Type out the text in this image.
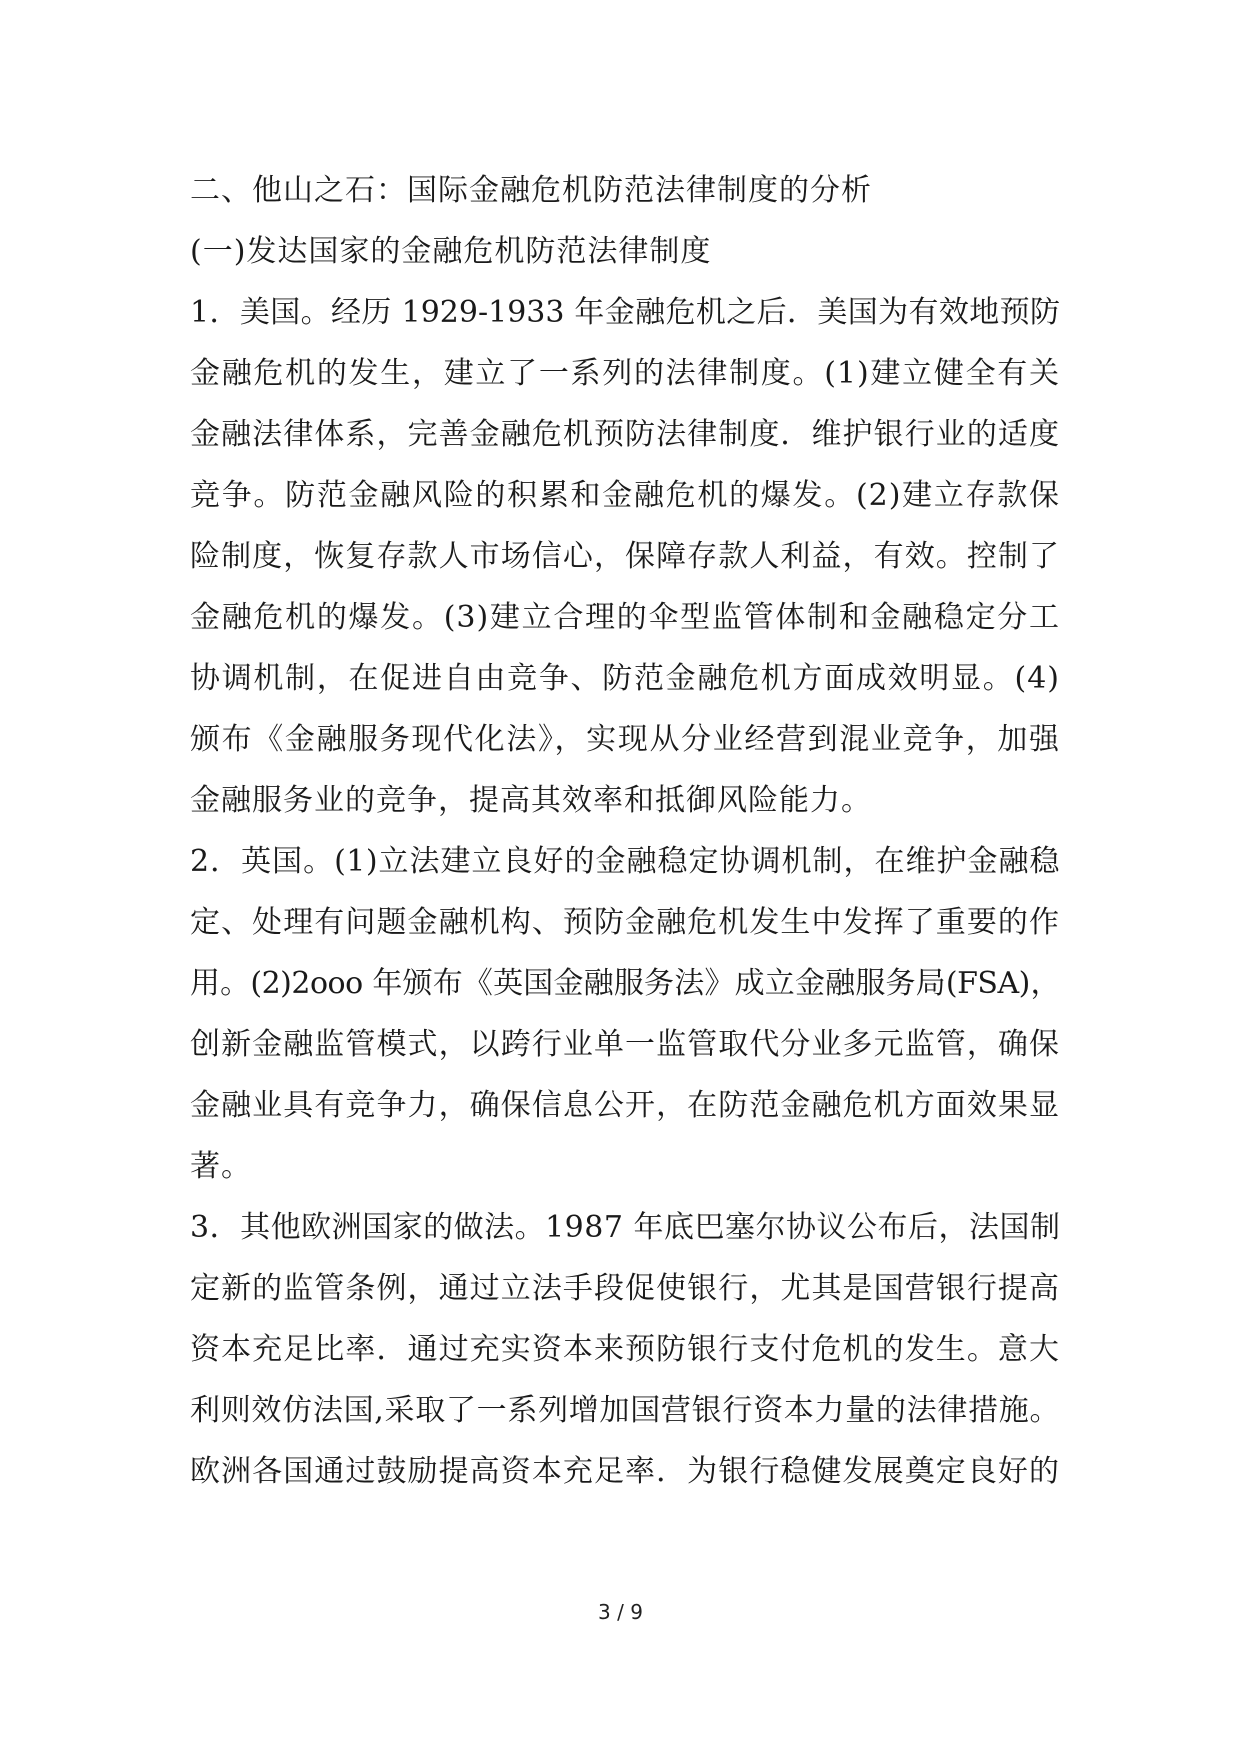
二、他山之石：国际金融危机防范法律制度的分析
(一)发达国家的金融危机防范法律制度
1．美国。经历 1929-1933 年金融危机之后．美国为有效地预防
金融危机的发生，建立了一系列的法律制度。(1)建立健全有关
金融法律体系，完善金融危机预防法律制度．维护银行业的适度
竞争。防范金融风险的积累和金融危机的爆发。(2)建立存款保
险制度，恢复存款人市场信心，保障存款人利益，有效。控制了
金融危机的爆发。(3)建立合理的伞型监管体制和金融稳定分工
协调机制，在促进自由竞争、防范金融危机方面成效明显。(4)
颁布《金融服务现代化法》，实现从分业经营到混业竞争，加强
金融服务业的竞争，提高其效率和抵御风险能力。
2．英国。(1)立法建立良好的金融稳定协调机制，在维护金融稳
定、处理有问题金融机构、预防金融危机发生中发挥了重要的作
用。(2)2ooo 年颁布《英国金融服务法》成立金融服务局(FSA)，
创新金融监管模式，以跨行业单一监管取代分业多元监管，确保
金融业具有竞争力，确保信息公开，在防范金融危机方面效果显
著。
3．其他欧洲国家的做法。1987 年底巴塞尔协议公布后，法国制
定新的监管条例，通过立法手段促使银行，尤其是国营银行提高
资本充足比率．通过充实资本来预防银行支付危机的发生。意大
利则效仿法国,采取了一系列增加国营银行资本力量的法律措施。
欧洲各国通过鼓励提高资本充足率．为银行稳健发展奠定良好的
3 / 9
